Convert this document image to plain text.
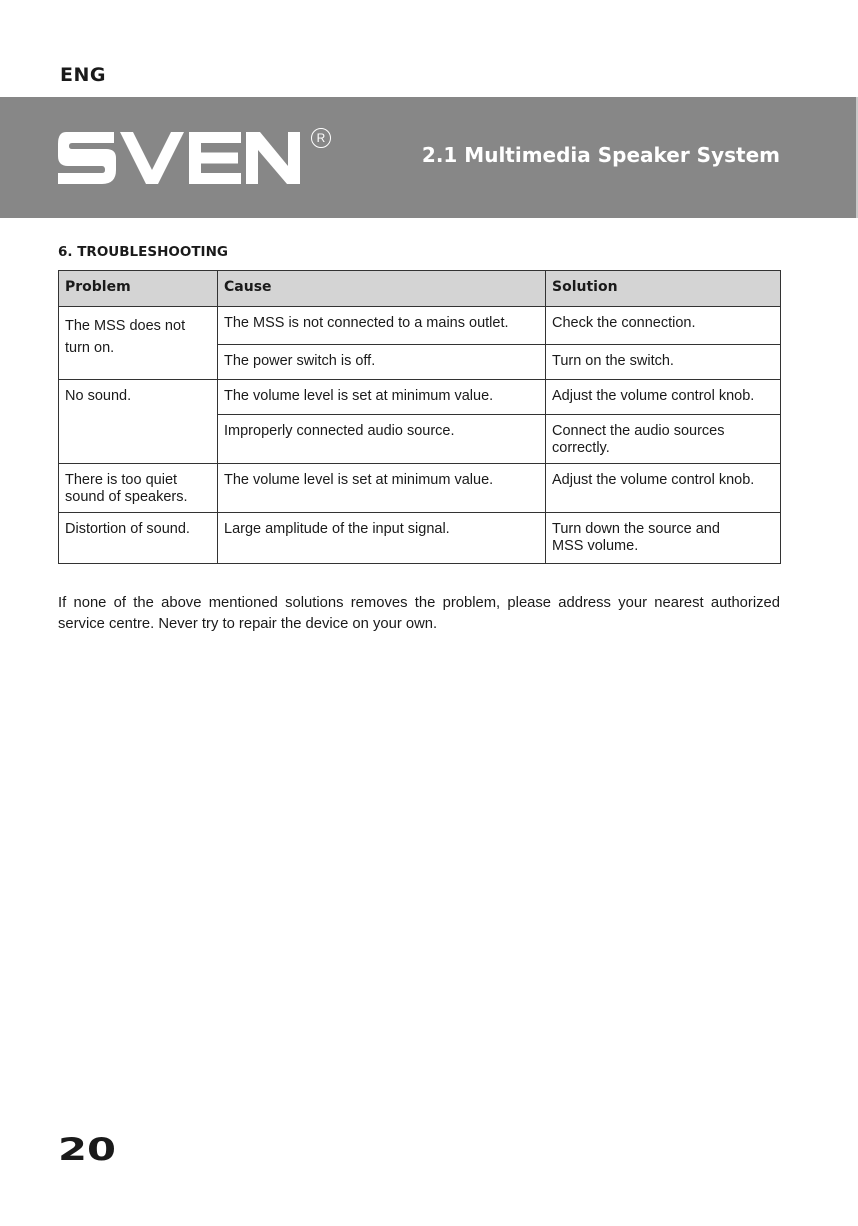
ENG
R
2.1 Multimedia Speaker System
6. TROUBLESHOOTING
Problem	Cause	Solution
The MSS does not turn on.	The MSS is not connected to a mains outlet.	Check the connection.
	The power switch is off.	Turn on the switch.
No sound.	The volume level is set at minimum value.	Adjust the volume control knob.
	Improperly connected audio source.	Connect the audio sources correctly.
There is too quiet sound of speakers.	The volume level is set at minimum value.	Adjust the volume control knob.
Distortion of sound.	Large amplitude of the input signal.	Turn down the source and MSS volume.
If none of the above mentioned solutions removes the problem, please address your nearest authorized service centre. Never try to repair the device on your own.
20
